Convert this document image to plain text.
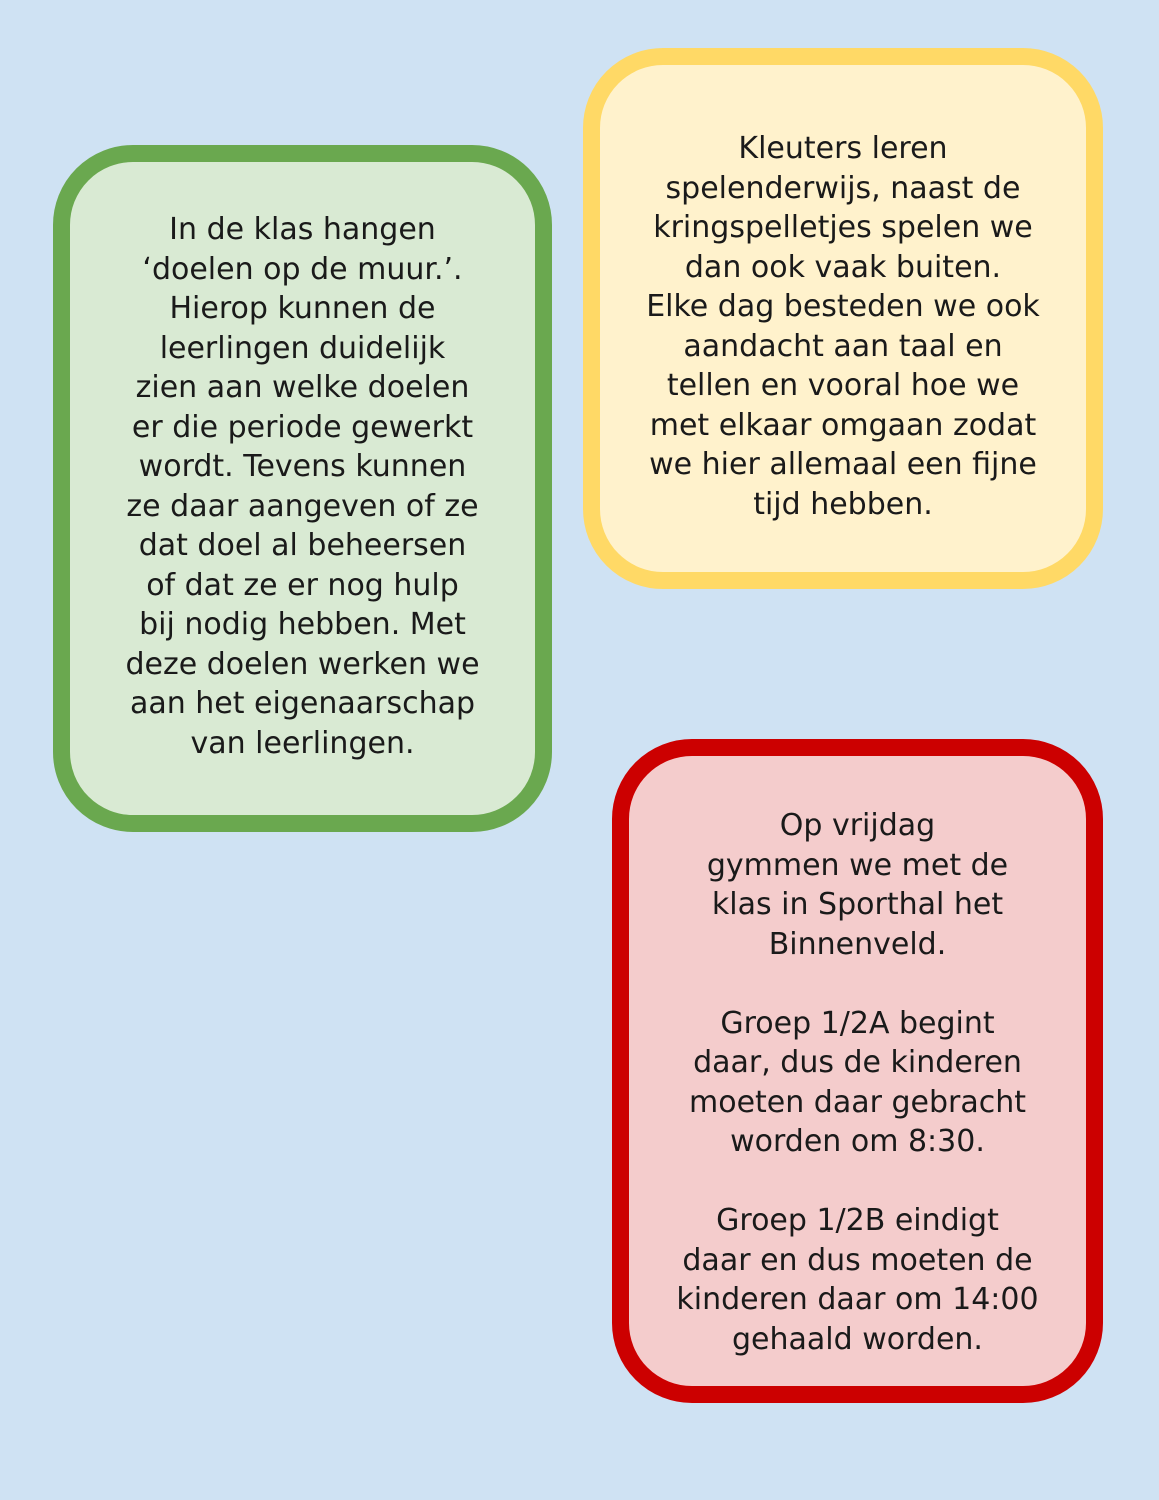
In de klas hangen
‘doelen op de muur.’.
Hierop kunnen de
leerlingen duidelijk
zien aan welke doelen
er die periode gewerkt
wordt. Tevens kunnen
ze daar aangeven of ze
dat doel al beheersen
of dat ze er nog hulp
bij nodig hebben. Met
deze doelen werken we
aan het eigenaarschap
van leerlingen.

Kleuters leren
spelenderwijs, naast de
kringspelletjes spelen we
dan ook vaak buiten.
Elke dag besteden we ook
aandacht aan taal en
tellen en vooral hoe we
met elkaar omgaan zodat
we hier allemaal een fijne
tijd hebben.

Op vrijdag
gymmen we met de
klas in Sporthal het
Binnenveld.

Groep 1/2A begint
daar, dus de kinderen
moeten daar gebracht
worden om 8:30.

Groep 1/2B eindigt
daar en dus moeten de
kinderen daar om 14:00
gehaald worden.
